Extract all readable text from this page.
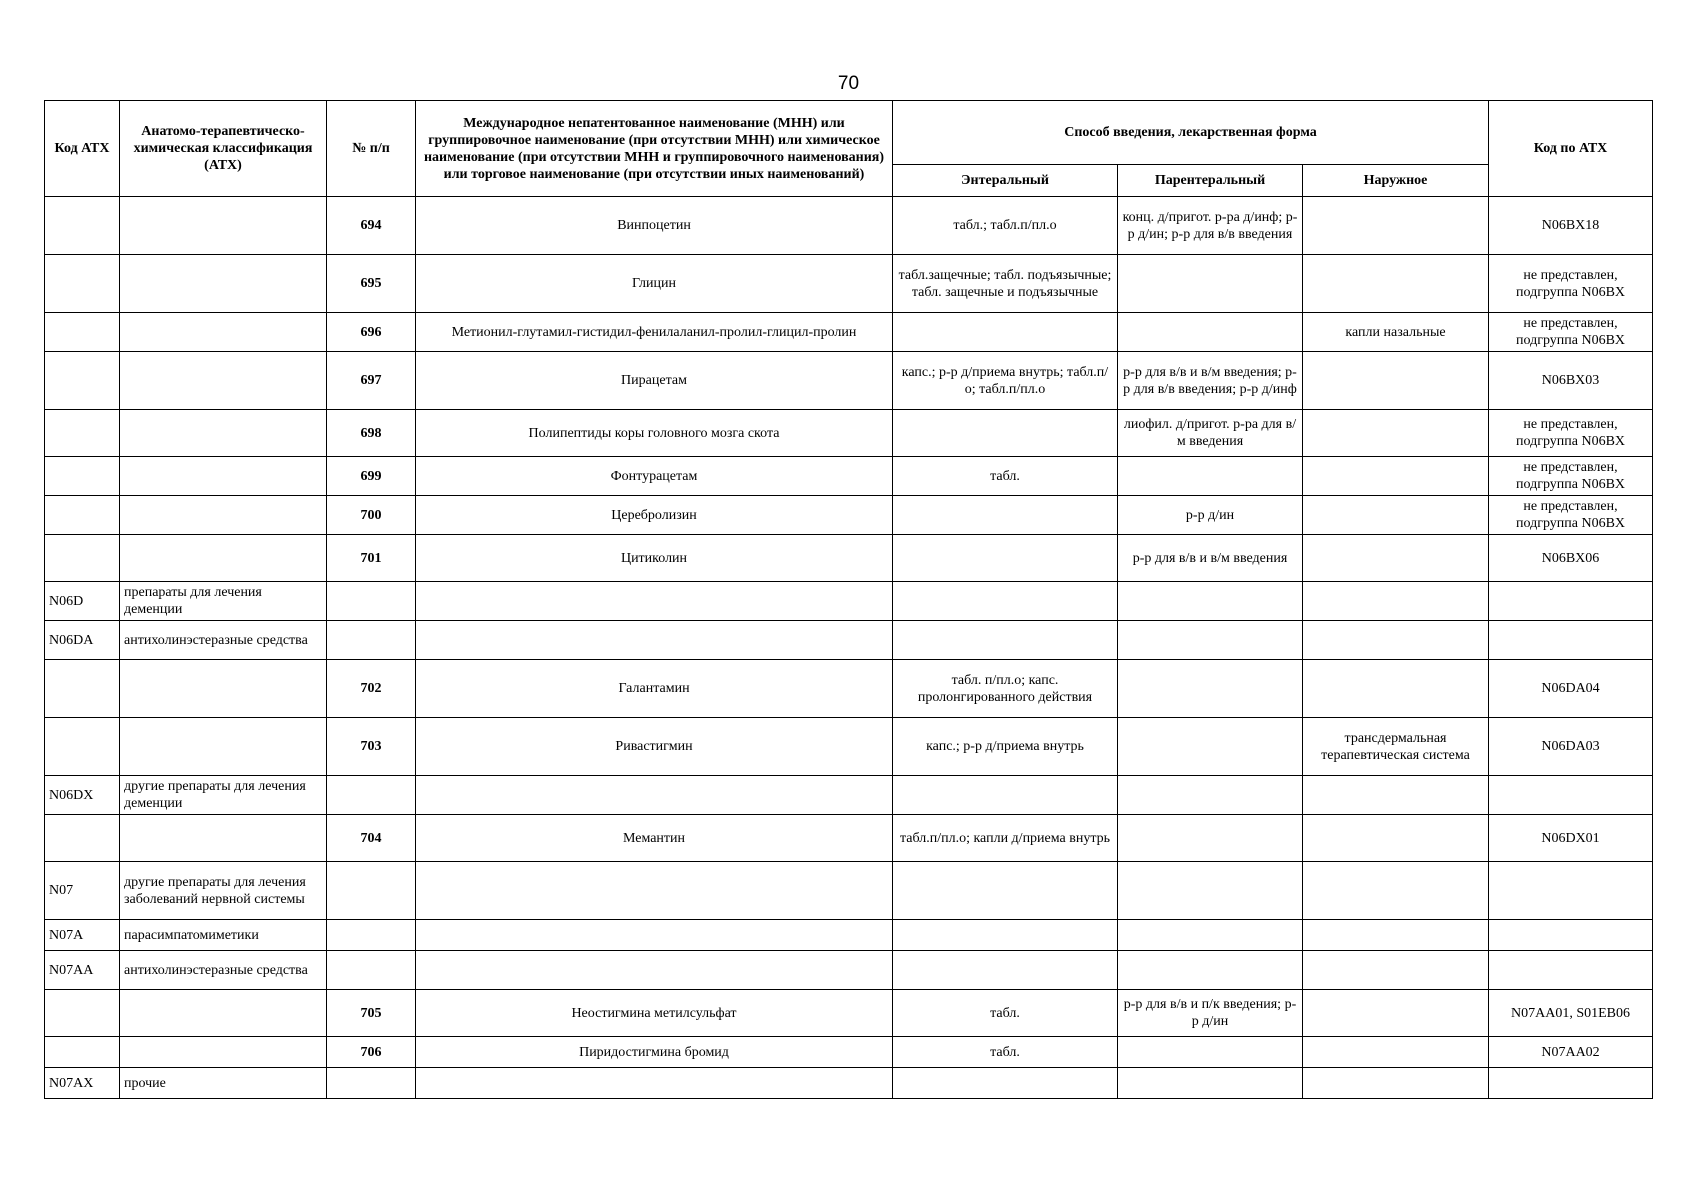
70
Код АТХ	Анатомо-терапевтическо-химическая классификация (АТХ)	№ п/п	Международное непатентованное наименование (МНН) или группировочное наименование (при отсутствии МНН) или химическое наименование (при отсутствии МНН и группировочного наименования) или торговое наименование (при отсутствии иных наименований)	Способ введения, лекарственная форма			Код по АТХ
				Энтеральный	Парентеральный	Наружное	
		694	Винпоцетин	табл.; табл.п/пл.о	конц. д/пригот. р-ра д/инф; р-р д/ин; р-р для в/в введения		N06BX18
		695	Глицин	табл.защечные; табл. подъязычные; табл. защечные и подъязычные			не представлен, подгруппа N06BX
		696	Метионил-глутамил-гистидил-фенилаланил-пролил-глицил-пролин			капли назальные	не представлен, подгруппа N06BX
		697	Пирацетам	капс.; р-р д/приема внутрь; табл.п/о; табл.п/пл.о	р-р для в/в и в/м введения; р-р для в/в введения; р-р д/инф		N06BX03
		698	Полипептиды коры головного мозга скота		лиофил. д/пригот. р-ра для в/м введения		не представлен, подгруппа N06BX
		699	Фонтурацетам	табл.			не представлен, подгруппа N06BX
		700	Церебролизин		р-р д/ин		не представлен, подгруппа N06BX
		701	Цитиколин		р-р для в/в и в/м введения		N06BX06
N06D	препараты для лечения деменции						
N06DA	антихолинэстеразные средства						
		702	Галантамин	табл. п/пл.о; капс. пролонгированного действия			N06DA04
		703	Ривастигмин	капс.; р-р д/приема внутрь		трансдермальная терапевтическая система	N06DA03
N06DX	другие препараты для лечения деменции						
		704	Мемантин	табл.п/пл.о; капли д/приема внутрь			N06DX01
N07	другие препараты для лечения заболеваний нервной системы						
N07A	парасимпатомиметики						
N07AA	антихолинэстеразные средства						
		705	Неостигмина метилсульфат	табл.	р-р для в/в и п/к введения; р-р д/ин		N07AA01, S01EB06
		706	Пиридостигмина бромид	табл.			N07AA02
N07AX	прочие						
